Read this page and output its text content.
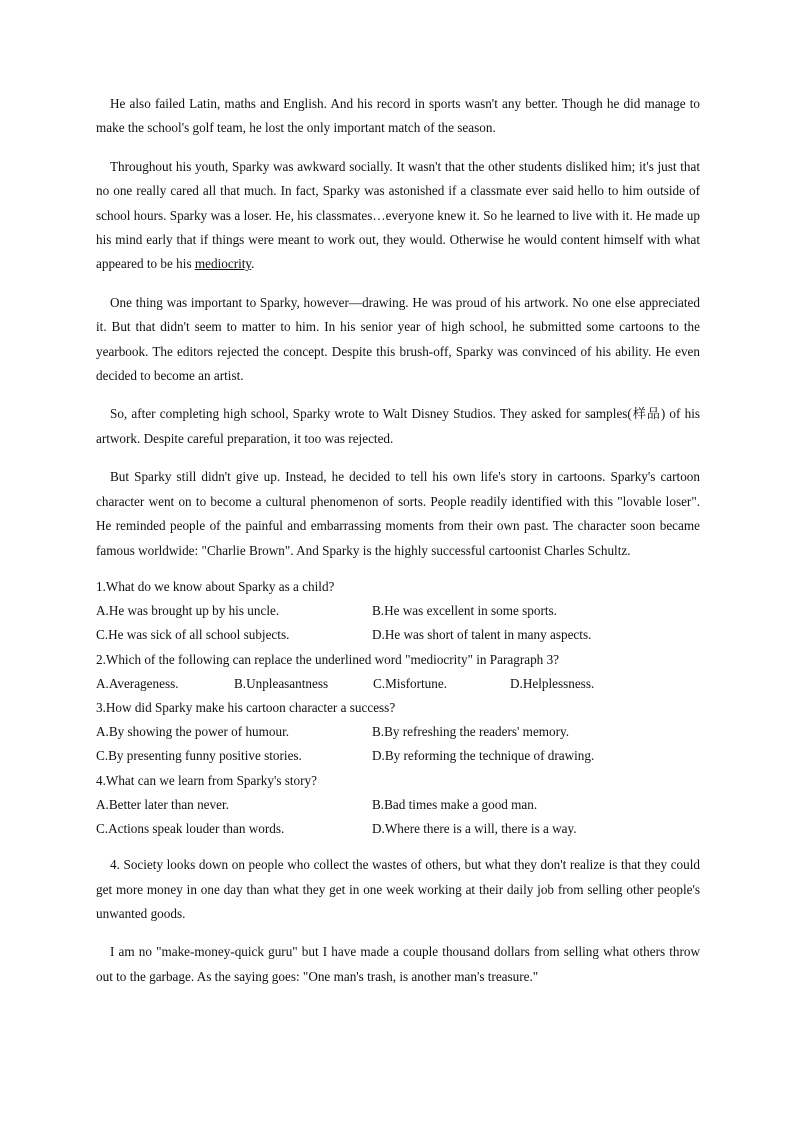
He also failed Latin, maths and English. And his record in sports wasn't any better. Though he did manage to make the school's golf team, he lost the only important match of the season.

Throughout his youth, Sparky was awkward socially. It wasn't that the other students disliked him; it's just that no one really cared all that much. In fact, Sparky was astonished if a classmate ever said hello to him outside of school hours. Sparky was a loser. He, his classmates…everyone knew it. So he learned to live with it. He made up his mind early that if things were meant to work out, they would. Otherwise he would content himself with what appeared to be his mediocrity.

One thing was important to Sparky, however—drawing. He was proud of his artwork. No one else appreciated it. But that didn't seem to matter to him. In his senior year of high school, he submitted some cartoons to the yearbook. The editors rejected the concept. Despite this brush-off, Sparky was convinced of his ability. He even decided to become an artist.

So, after completing high school, Sparky wrote to Walt Disney Studios. They asked for samples(样品) of his artwork. Despite careful preparation, it too was rejected.

But Sparky still didn't give up. Instead, he decided to tell his own life's story in cartoons. Sparky's cartoon character went on to become a cultural phenomenon of sorts. People readily identified with this "lovable loser". He reminded people of the painful and embarrassing moments from their own past. The character soon became famous worldwide: "Charlie Brown". And Sparky is the highly successful cartoonist Charles Schultz.

1.What do we know about Sparky as a child?

A.He was brought up by his uncle.	B.He was excellent in some sports.
C.He was sick of all school subjects.	D.He was short of talent in many aspects.

2.Which of the following can replace the underlined word "mediocrity" in Paragraph 3?

A.Averageness.	B.Unpleasantness	C.Misfortune.	D.Helplessness.

3.How did Sparky make his cartoon character a success?

A.By showing the power of humour.	B.By refreshing the readers' memory.
C.By presenting funny positive stories.	D.By reforming the technique of drawing.

4.What can we learn from Sparky's story?

A.Better later than never.	B.Bad times make a good man.
C.Actions speak louder than words.	D.Where there is a will, there is a way.

4. Society looks down on people who collect the wastes of others, but what they don't realize is that they could get more money in one day than what they get in one week working at their daily job from selling other people's unwanted goods.

I am no "make-money-quick guru" but I have made a couple thousand dollars from selling what others throw out to the garbage. As the saying goes: "One man's trash, is another man's treasure."
